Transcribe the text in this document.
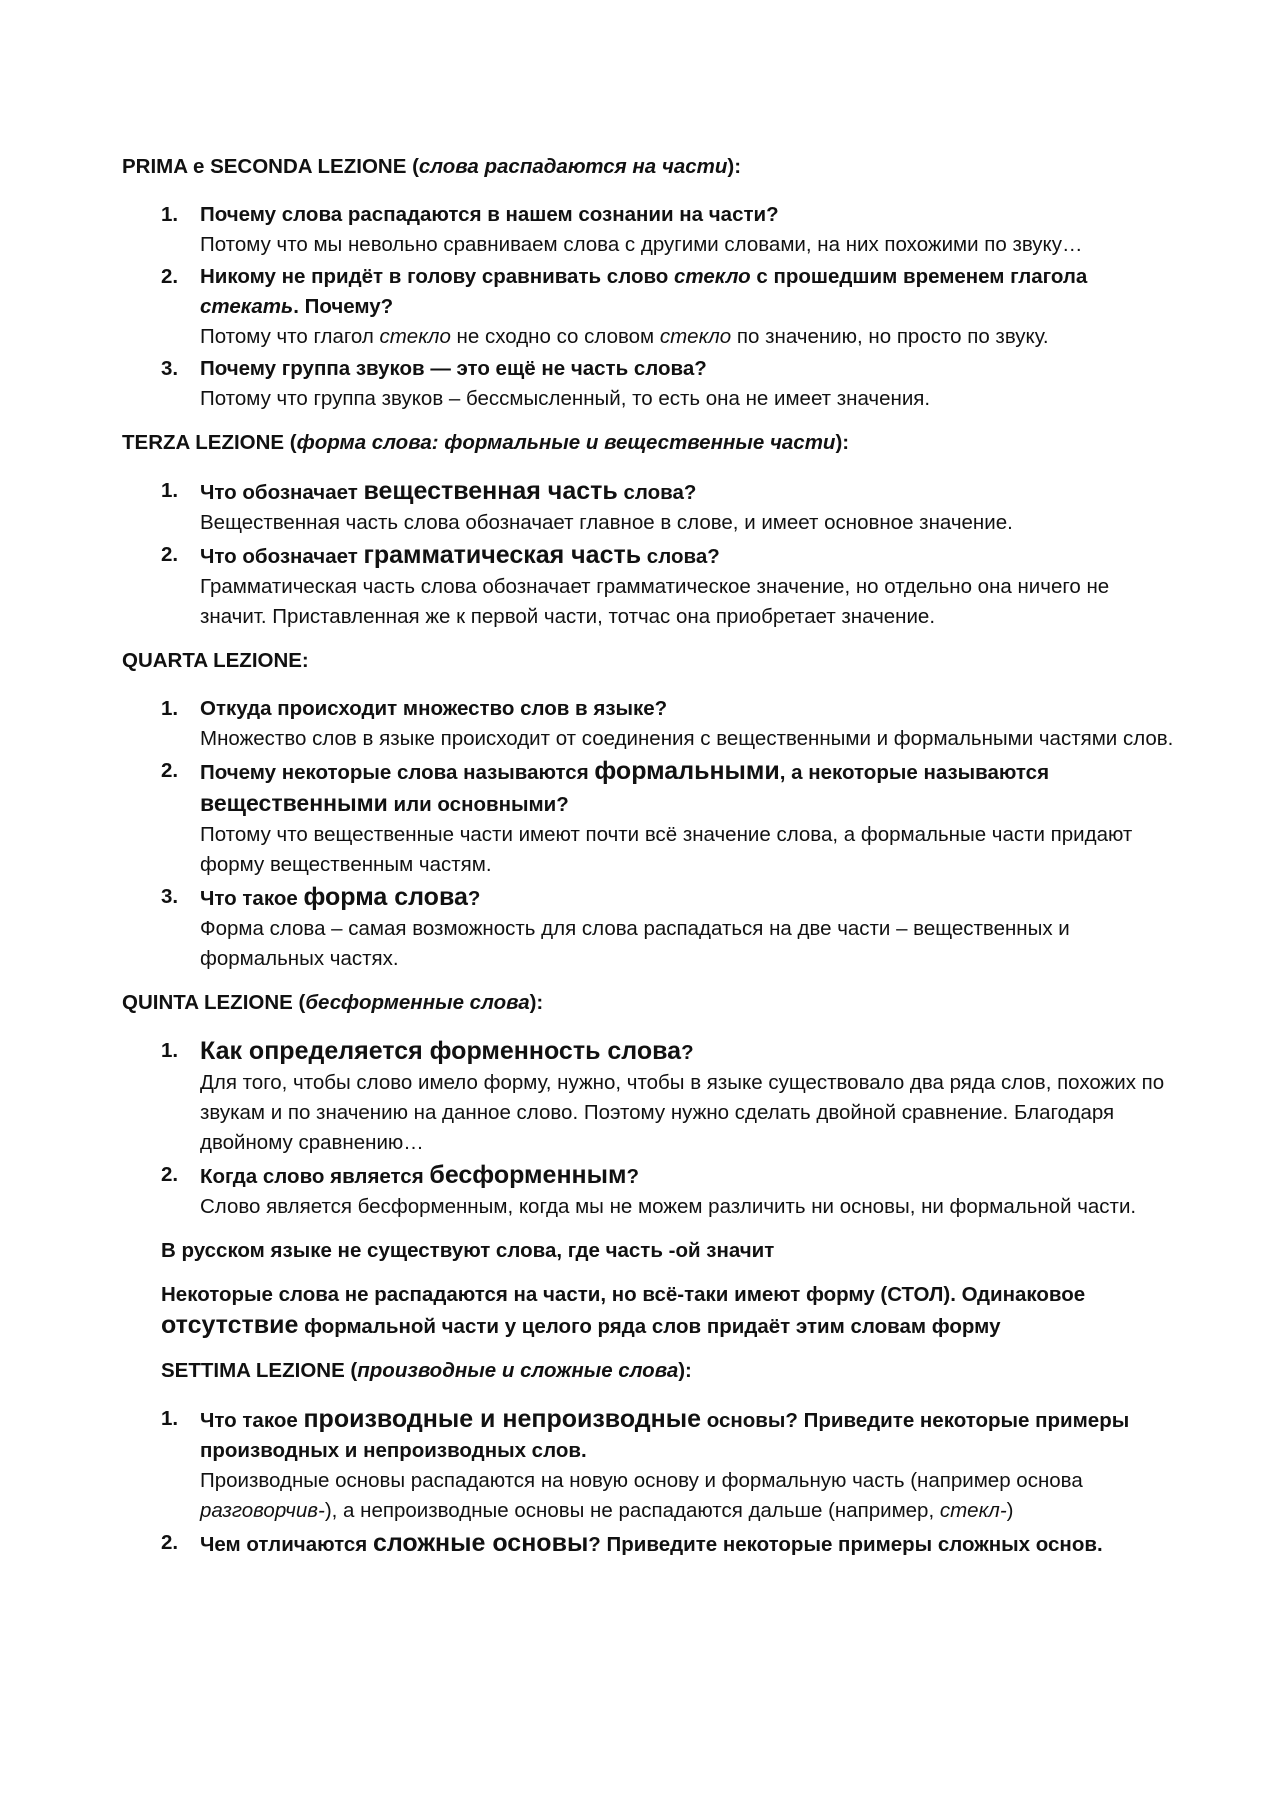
PRIMA e SECONDA LEZIONE (слова распадаются на части):
1. Почему слова распадаются в нашем сознании на части?
Потому что мы невольно сравниваем слова с другими словами, на них похожими по звуку…
2. Никому не придёт в голову сравнивать слово стекло с прошедшим временем глагола стекать. Почему?
Потому что глагол стекло не сходно со словом стекло по значению, но просто по звуку.
3. Почему группа звуков — это ещё не часть слова?
Потому что группа звуков – бессмысленный, то есть она не имеет значения.
TERZA LEZIONE (форма слова: формальные и вещественные части):
1. Что обозначает вещественная часть слова?
Вещественная часть слова обозначает главное в слове, и имеет основное значение.
2. Что обозначает грамматическая часть слова?
Грамматическая часть слова обозначает грамматическое значение, но отдельно она ничего не значит. Приставленная же к первой части, тотчас она приобретает значение.
QUARTA LEZIONE:
1. Откуда происходит множество слов в языке?
Множество слов в языке происходит от соединения с вещественными и формальными частями слов.
2. Почему некоторые слова называются формальными, а некоторые называются вещественными или основными?
Потому что вещественные части имеют почти всё значение слова, а формальные части придают форму вещественным частям.
3. Что такое форма слова?
Форма слова – самая возможность для слова распадаться на две части – вещественных и формальных частях.
QUINTA LEZIONE (бесформенные слова):
1. Как определяется форменность слова?
Для того, чтобы слово имело форму, нужно, чтобы в языке существовало два ряда слов, похожих по звукам и по значению на данное слово. Поэтому нужно сделать двойной сравнение. Благодаря двойному сравнению…
2. Когда слово является бесформенным?
Слово является бесформенным, когда мы не можем различить ни основы, ни формальной части.
В русском языке не существуют слова, где часть -ой значит
Некоторые слова не распадаются на части, но всё-таки имеют форму (СТОЛ). Одинаковое отсутствие формальной части у целого ряда слов придаёт этим словам форму
SETTIMA LEZIONE (производные и сложные слова):
1. Что такое производные и непроизводные основы? Приведите некоторые примеры производных и непроизводных слов.
Производные основы распадаются на новую основу и формальную часть (например основа разговорчив-), а непроизводные основы не распадаются дальше (например, стекл-)
2. Чем отличаются сложные основы? Приведите некоторые примеры сложных основ.
